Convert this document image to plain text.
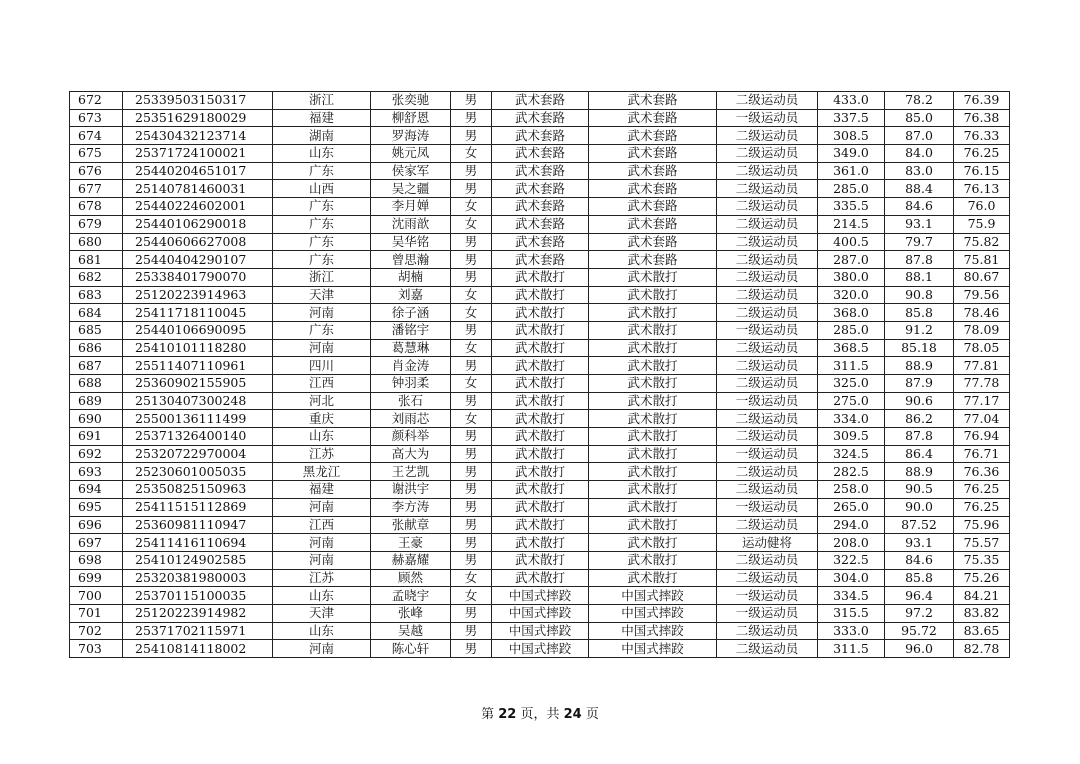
672	25339503150317	浙江	张奕驰	男	武术套路	武术套路	二级运动员	433.0	78.2	76.39
673	25351629180029	福建	柳舒恩	男	武术套路	武术套路	一级运动员	337.5	85.0	76.38
674	25430432123714	湖南	罗海涛	男	武术套路	武术套路	二级运动员	308.5	87.0	76.33
675	25371724100021	山东	姚元凤	女	武术套路	武术套路	二级运动员	349.0	84.0	76.25
676	25440204651017	广东	侯家军	男	武术套路	武术套路	二级运动员	361.0	83.0	76.15
677	25140781460031	山西	吴之疆	男	武术套路	武术套路	二级运动员	285.0	88.4	76.13
678	25440224602001	广东	李月婵	女	武术套路	武术套路	二级运动员	335.5	84.6	76.0
679	25440106290018	广东	沈雨歆	女	武术套路	武术套路	二级运动员	214.5	93.1	75.9
680	25440606627008	广东	吴华铭	男	武术套路	武术套路	二级运动员	400.5	79.7	75.82
681	25440404290107	广东	曾思瀚	男	武术套路	武术套路	二级运动员	287.0	87.8	75.81
682	25338401790070	浙江	胡楠	男	武术散打	武术散打	二级运动员	380.0	88.1	80.67
683	25120223914963	天津	刘嘉	女	武术散打	武术散打	二级运动员	320.0	90.8	79.56
684	25411718110045	河南	徐子涵	女	武术散打	武术散打	二级运动员	368.0	85.8	78.46
685	25440106690095	广东	潘铭宇	男	武术散打	武术散打	一级运动员	285.0	91.2	78.09
686	25410101118280	河南	葛慧琳	女	武术散打	武术散打	二级运动员	368.5	85.18	78.05
687	25511407110961	四川	肖金涛	男	武术散打	武术散打	二级运动员	311.5	88.9	77.81
688	25360902155905	江西	钟羽柔	女	武术散打	武术散打	二级运动员	325.0	87.9	77.78
689	25130407300248	河北	张石	男	武术散打	武术散打	一级运动员	275.0	90.6	77.17
690	25500136111499	重庆	刘雨芯	女	武术散打	武术散打	二级运动员	334.0	86.2	77.04
691	25371326400140	山东	颜科举	男	武术散打	武术散打	二级运动员	309.5	87.8	76.94
692	25320722970004	江苏	高大为	男	武术散打	武术散打	一级运动员	324.5	86.4	76.71
693	25230601005035	黑龙江	王艺凯	男	武术散打	武术散打	二级运动员	282.5	88.9	76.36
694	25350825150963	福建	谢洪宇	男	武术散打	武术散打	二级运动员	258.0	90.5	76.25
695	25411515112869	河南	李方涛	男	武术散打	武术散打	一级运动员	265.0	90.0	76.25
696	25360981110947	江西	张献章	男	武术散打	武术散打	二级运动员	294.0	87.52	75.96
697	25411416110694	河南	王豪	男	武术散打	武术散打	运动健将	208.0	93.1	75.57
698	25410124902585	河南	赫嘉耀	男	武术散打	武术散打	二级运动员	322.5	84.6	75.35
699	25320381980003	江苏	顾然	女	武术散打	武术散打	二级运动员	304.0	85.8	75.26
700	25370115100035	山东	孟晓宇	女	中国式摔跤	中国式摔跤	一级运动员	334.5	96.4	84.21
701	25120223914982	天津	张峰	男	中国式摔跤	中国式摔跤	一级运动员	315.5	97.2	83.82
702	25371702115971	山东	吴越	男	中国式摔跤	中国式摔跤	二级运动员	333.0	95.72	83.65
703	25410814118002	河南	陈心轩	男	中国式摔跤	中国式摔跤	二级运动员	311.5	96.0	82.78
第 22 页，共 24 页
